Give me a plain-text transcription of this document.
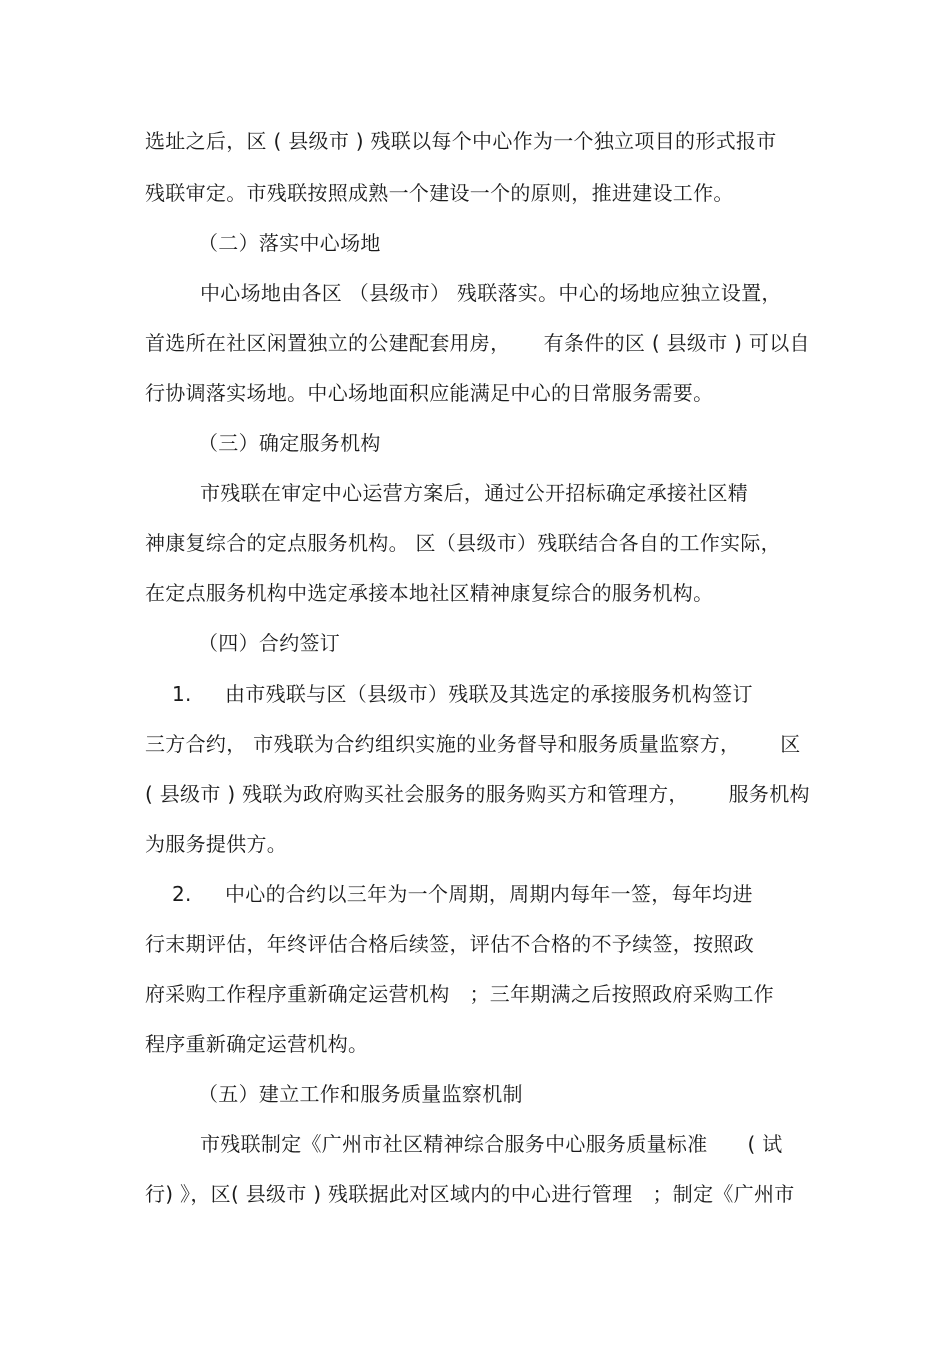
选址之后，区 ( 县级市 ) 残联以每个中心作为一个独立项目的形式报市
残联审定。市残联按照成熟一个建设一个的原则，推进建设工作。
（二）落实中心场地
中心场地由各区 （县级市） 残联落实。中心的场地应独立设置，
首选所在社区闲置独立的公建配套用房，     有条件的区 ( 县级市 ) 可以自
行协调落实场地。中心场地面积应能满足中心的日常服务需要。
（三）确定服务机构
市残联在审定中心运营方案后，通过公开招标确定承接社区精
神康复综合的定点服务机构。 区（县级市）残联结合各自的工作实际，
在定点服务机构中选定承接本地社区精神康复综合的服务机构。
（四）合约签订
1.     由市残联与区（县级市）残联及其选定的承接服务机构签订
三方合约， 市残联为合约组织实施的业务督导和服务质量监察方，      区
( 县级市 ) 残联为政府购买社会服务的服务购买方和管理方，      服务机构
为服务提供方。
2.     中心的合约以三年为一个周期，周期内每年一签，每年均进
行末期评估，年终评估合格后续签，评估不合格的不予续签，按照政
府采购工作程序重新确定运营机构   ；三年期满之后按照政府采购工作
程序重新确定运营机构。
（五）建立工作和服务质量监察机制
市残联制定《广州市社区精神综合服务中心服务质量标准      ( 试
行) 》，区( 县级市 ) 残联据此对区域内的中心进行管理   ；制定《广州市
